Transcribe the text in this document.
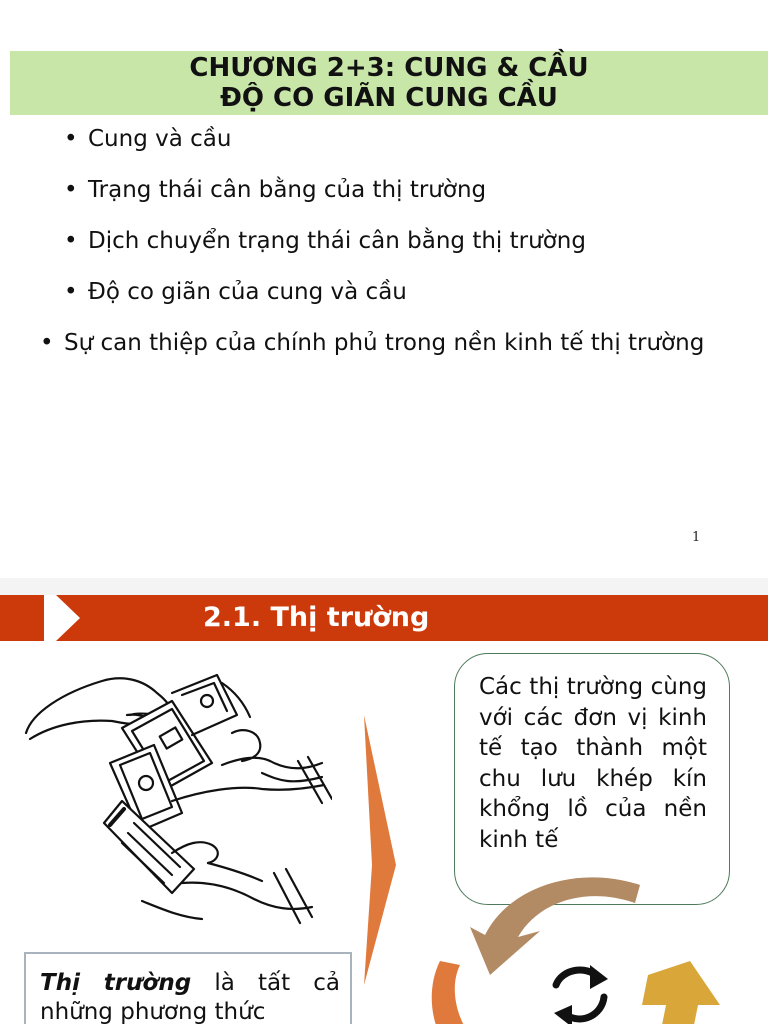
CHƯƠNG 2+3: CUNG & CẦU
ĐỘ CO GIÃN CUNG CẦU
• Cung và cầu
• Trạng thái cân bằng của thị trường
• Dịch chuyển trạng thái cân bằng thị trường
• Độ co giãn của cung và cầu
• Sự can thiệp của chính phủ trong nền kinh tế thị trường
1
2.1. Thị trường
Các thị trường cùng với các đơn vị kinh tế tạo thành một chu lưu khép kín khổng lồ của nền kinh tế
Thị trường là tất cả những phương thức
